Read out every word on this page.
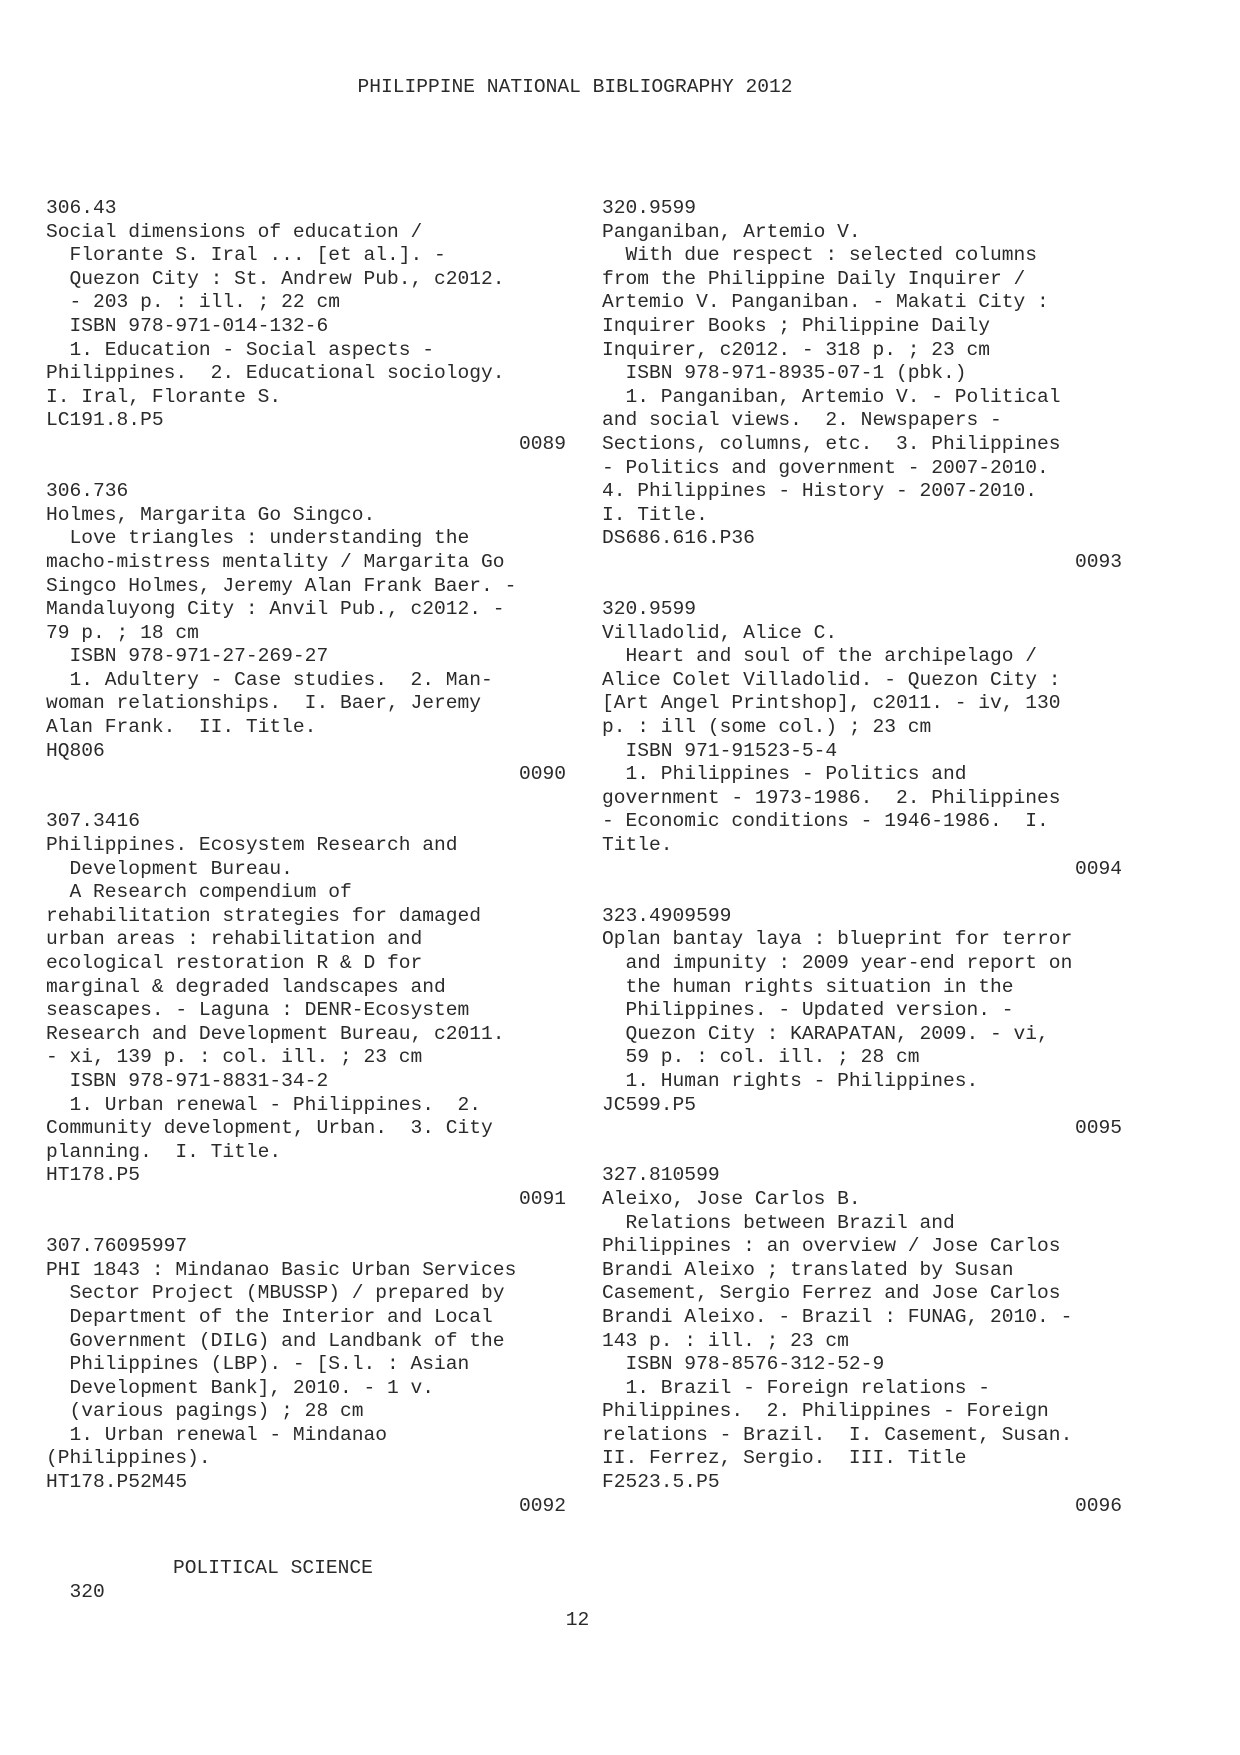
PHILIPPINE NATIONAL BIBLIOGRAPHY 2012
306.43
Social dimensions of education /
Florante S. Iral ... [et al.]. -
Quezon City : St. Andrew Pub., c2012.
- 203 p. : ill. ; 22 cm
ISBN 978-971-014-132-6
1. Education - Social aspects -
Philippines.  2. Educational sociology.
I. Iral, Florante S.
LC191.8.P5
0089
306.736
Holmes, Margarita Go Singco.
Love triangles : understanding the
macho-mistress mentality / Margarita Go
Singco Holmes, Jeremy Alan Frank Baer. -
Mandaluyong City : Anvil Pub., c2012. -
79 p. ; 18 cm
ISBN 978-971-27-269-27
1. Adultery - Case studies.  2. Man-
woman relationships.  I. Baer, Jeremy
Alan Frank.  II. Title.
HQ806
0090
307.3416
Philippines. Ecosystem Research and
Development Bureau.
A Research compendium of
rehabilitation strategies for damaged
urban areas : rehabilitation and
ecological restoration R & D for
marginal & degraded landscapes and
seascapes. - Laguna : DENR-Ecosystem
Research and Development Bureau, c2011.
- xi, 139 p. : col. ill. ; 23 cm
ISBN 978-971-8831-34-2
1. Urban renewal - Philippines.  2.
Community development, Urban.  3. City
planning.  I. Title.
HT178.P5
0091
307.76095997
PHI 1843 : Mindanao Basic Urban Services
Sector Project (MBUSSP) / prepared by
Department of the Interior and Local
Government (DILG) and Landbank of the
Philippines (LBP). - [S.l. : Asian
Development Bank], 2010. - 1 v.
(various pagings) ; 28 cm
1. Urban renewal - Mindanao
(Philippines).
HT178.P52M45
0092
320.9599
Panganiban, Artemio V.
With due respect : selected columns
from the Philippine Daily Inquirer /
Artemio V. Panganiban. - Makati City :
Inquirer Books ; Philippine Daily
Inquirer, c2012. - 318 p. ; 23 cm
ISBN 978-971-8935-07-1 (pbk.)
1. Panganiban, Artemio V. - Political
and social views.  2. Newspapers -
Sections, columns, etc.  3. Philippines
- Politics and government - 2007-2010.
4. Philippines - History - 2007-2010.
I. Title.
DS686.616.P36
0093
320.9599
Villadolid, Alice C.
Heart and soul of the archipelago /
Alice Colet Villadolid. - Quezon City :
[Art Angel Printshop], c2011. - iv, 130
p. : ill (some col.) ; 23 cm
ISBN 971-91523-5-4
1. Philippines - Politics and
government - 1973-1986.  2. Philippines
- Economic conditions - 1946-1986.  I.
Title.
0094
323.4909599
Oplan bantay laya : blueprint for terror
and impunity : 2009 year-end report on
the human rights situation in the
Philippines. - Updated version. -
Quezon City : KARAPATAN, 2009. - vi,
59 p. : col. ill. ; 28 cm
1. Human rights - Philippines.
JC599.P5
0095
327.810599
Aleixo, Jose Carlos B.
Relations between Brazil and
Philippines : an overview / Jose Carlos
Brandi Aleixo ; translated by Susan
Casement, Sergio Ferrez and Jose Carlos
Brandi Aleixo. - Brazil : FUNAG, 2010. -
143 p. : ill. ; 23 cm
ISBN 978-8576-312-52-9
1. Brazil - Foreign relations -
Philippines.  2. Philippines - Foreign
relations - Brazil.  I. Casement, Susan.
II. Ferrez, Sergio.  III. Title
F2523.5.P5
0096

320

POLITICAL SCIENCE

12
